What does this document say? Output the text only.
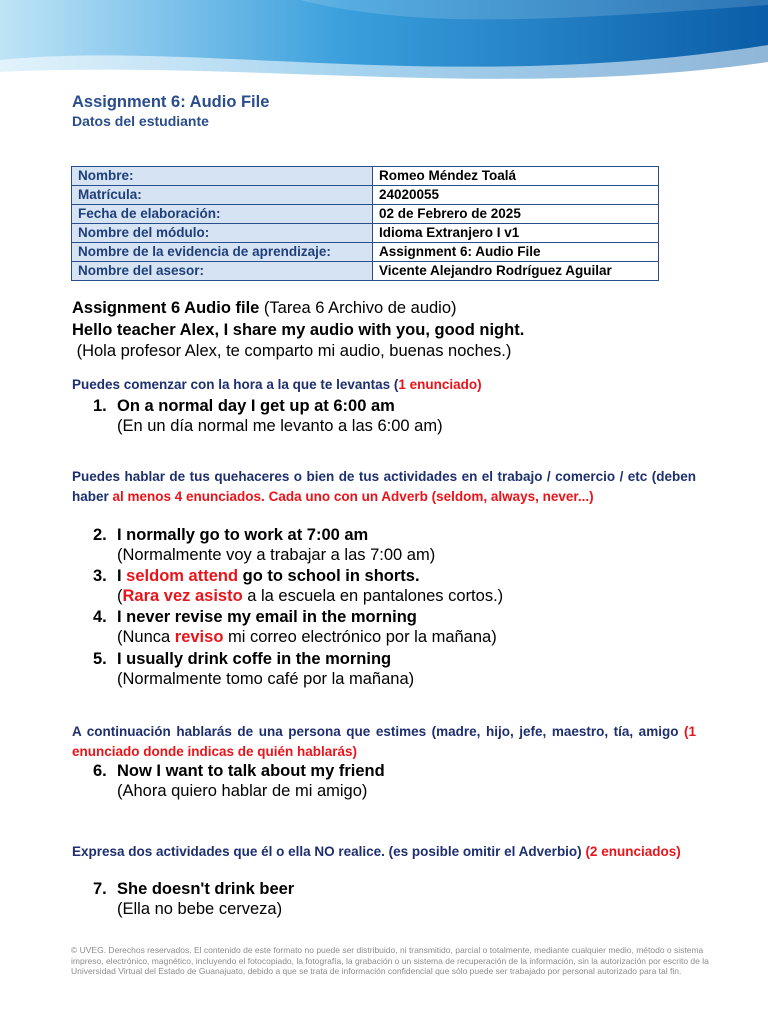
Assignment 6: Audio File
Datos del estudiante
Nombre:	Romeo Méndez Toalá
Matrícula:	24020055
Fecha de elaboración:	02 de Febrero de 2025
Nombre del módulo:	Idioma Extranjero I v1
Nombre de la evidencia de aprendizaje:	Assignment 6: Audio File
Nombre del asesor:	Vicente Alejandro Rodríguez Aguilar
Assignment 6 Audio file (Tarea 6 Archivo de audio)
Hello teacher Alex, I share my audio with you, good night.
(Hola profesor Alex, te comparto mi audio, buenas noches.)
Puedes comenzar con la hora a la que te levantas (1 enunciado)
1. On a normal day I get up at 6:00 am
(En un día normal me levanto a las 6:00 am)
Puedes hablar de tus quehaceres o bien de tus actividades en el trabajo / comercio / etc (deben haber al menos 4 enunciados. Cada uno con un Adverb (seldom, always, never...)
2. I normally go to work at 7:00 am
(Normalmente voy a trabajar a las 7:00 am)
3. I seldom attend go to school in shorts.
(Rara vez asisto a la escuela en pantalones cortos.)
4. I never revise my email in the morning
(Nunca reviso mi correo electrónico por la mañana)
5. I usually drink coffe in the morning
(Normalmente tomo café por la mañana)
A continuación hablarás de una persona que estimes (madre, hijo, jefe, maestro, tía, amigo (1 enunciado donde indicas de quién hablarás)
6. Now I want to talk about my friend
(Ahora quiero hablar de mi amigo)
Expresa dos actividades que él o ella NO realice. (es posible omitir el Adverbio) (2 enunciados)
7. She doesn't drink beer
(Ella no bebe cerveza)
© UVEG. Derechos reservados. El contenido de este formato no puede ser distribuido, ni transmitido, parcial o totalmente, mediante cualquier medio, método o sistema impreso, electrónico, magnético, incluyendo el fotocopiado, la fotografía, la grabación o un sistema de recuperación de la información, sin la autorización por escrito de la Universidad Virtual del Estado de Guanajuato, debido a que se trata de información confidencial que sólo puede ser trabajado por personal autorizado para tal fin.
